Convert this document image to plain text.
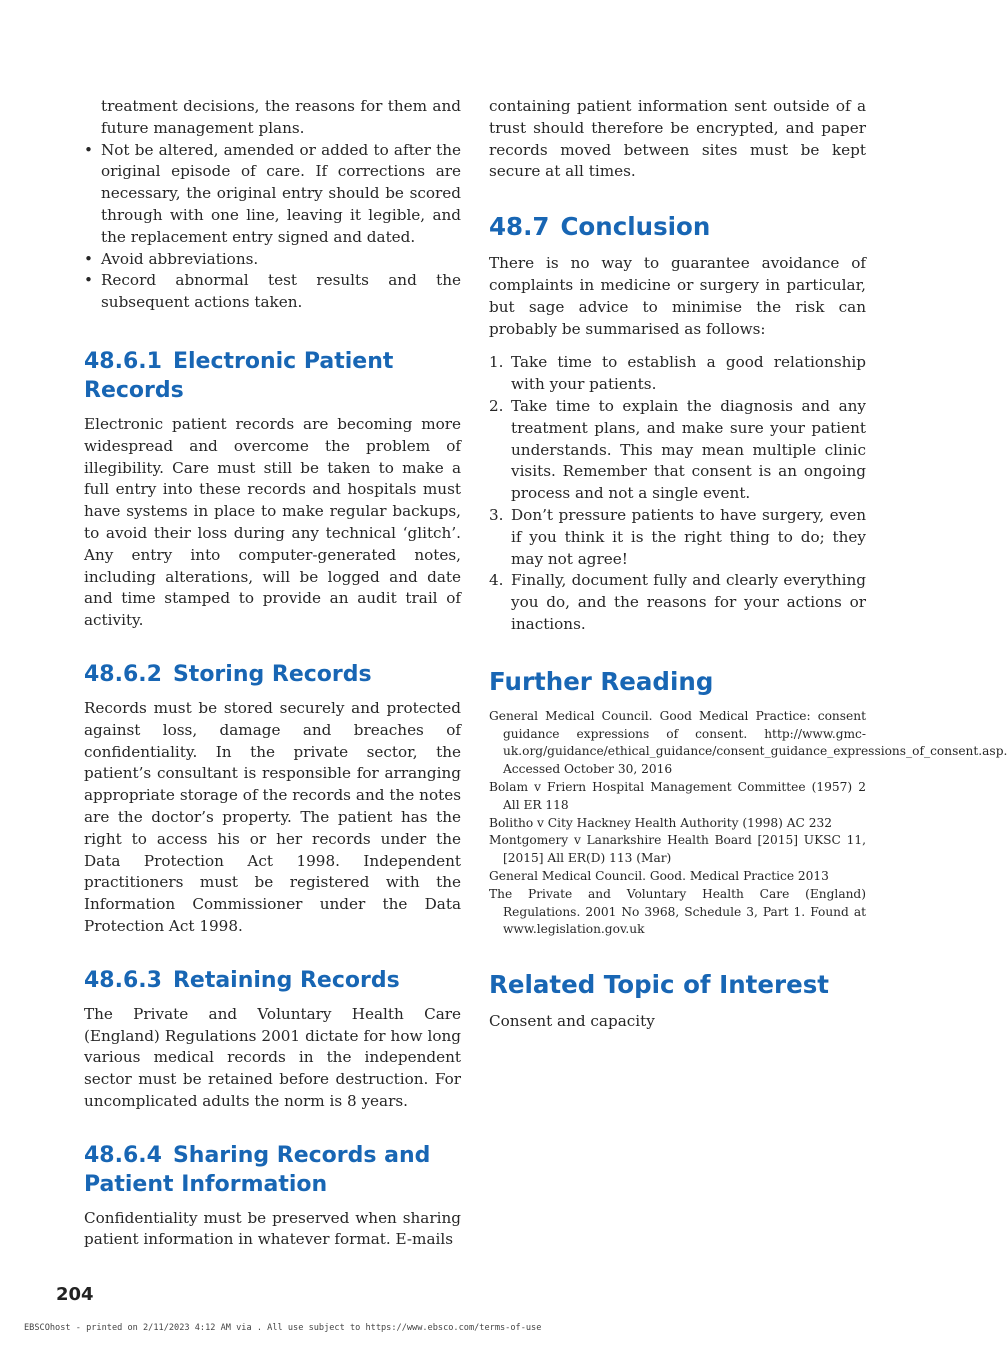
treatment decisions, the reasons for them and future management plans.

• Not be altered, amended or added to after the original episode of care. If corrections are necessary, the original entry should be scored through with one line, leaving it legible, and the replacement entry signed and dated.
• Avoid abbreviations.
• Record abnormal test results and the subsequent actions taken.
48.6.1 Electronic Patient Records

Electronic patient records are becoming more widespread and overcome the problem of illegibility. Care must still be taken to make a full entry into these records and hospitals must have systems in place to make regular backups, to avoid their loss during any technical ‘glitch’. Any entry into computer-generated notes, including alterations, will be logged and date and time stamped to provide an audit trail of activity.

48.6.2 Storing Records

Records must be stored securely and protected against loss, damage and breaches of confidentiality. In the private sector, the patient’s consultant is responsible for arranging appropriate storage of the records and the notes are the doctor’s property. The patient has the right to access his or her records under the Data Protection Act 1998. Independent practitioners must be registered with the Information Commissioner under the Data Protection Act 1998.

48.6.3 Retaining Records

The Private and Voluntary Health Care (England) Regulations 2001 dictate for how long various medical records in the independent sector must be retained before destruction. For uncomplicated adults the norm is 8 years.

48.6.4 Sharing Records and
Patient Information

Confidentiality must be preserved when sharing patient information in whatever format. E-mails

containing patient information sent outside of a trust should therefore be encrypted, and paper records moved between sites must be kept secure at all times.

48.7 Conclusion

There is no way to guarantee avoidance of complaints in medicine or surgery in particular, but sage advice to minimise the risk can probably be summarised as follows:

1. Take time to establish a good relationship with your patients.
2. Take time to explain the diagnosis and any treatment plans, and make sure your patient understands. This may mean multiple clinic visits. Remember that consent is an ongoing process and not a single event.
3. Don’t pressure patients to have surgery, even if you think it is the right thing to do; they may not agree!
4. Finally, document fully and clearly everything you do, and the reasons for your actions or inactions.
Further Reading
General Medical Council. Good Medical Practice: consent guidance expressions of consent. http://www.gmc-uk.org/guidance/ethical_guidance/consent_guidance_expressions_of_consent.asp. Accessed October 30, 2016
Bolam v Friern Hospital Management Committee (1957) 2 All ER 118
Bolitho v City Hackney Health Authority (1998) AC 232
Montgomery v Lanarkshire Health Board [2015] UKSC 11, [2015] All ER(D) 113 (Mar)
General Medical Council. Good. Medical Practice 2013
The Private and Voluntary Health Care (England) Regulations. 2001 No 3968, Schedule 3, Part 1. Found at www.legislation.gov.uk
Related Topic of Interest

Consent and capacity

204
EBSCOhost - printed on 2/11/2023 4:12 AM via . All use subject to https://www.ebsco.com/terms-of-use
